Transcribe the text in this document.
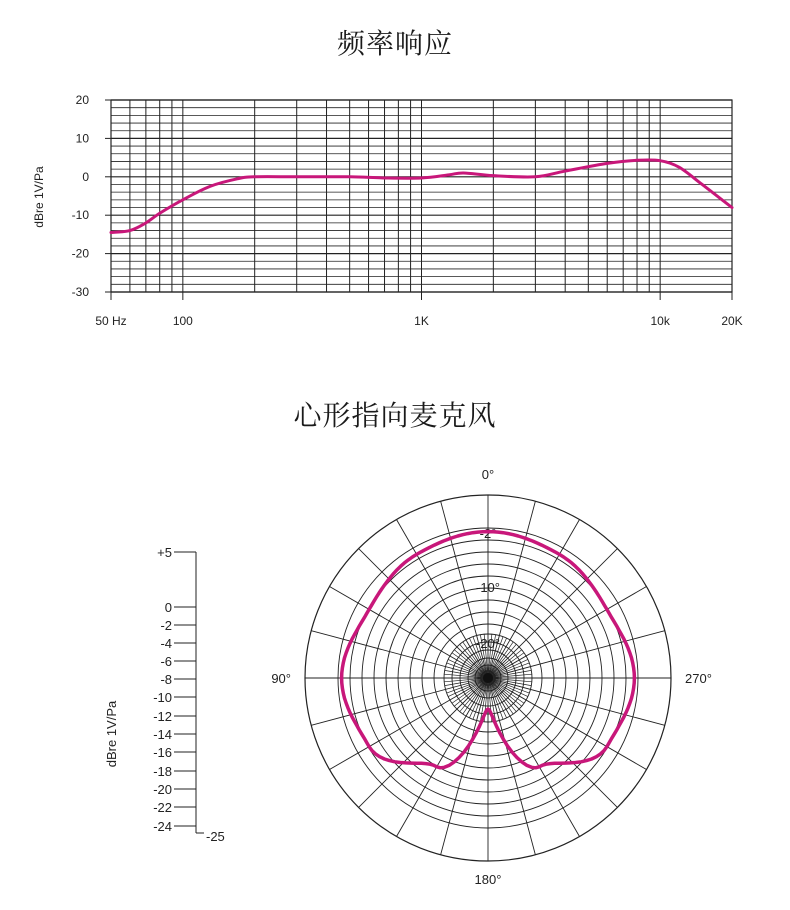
频率响应
心形指向麦克风
20
10
0
-10
-20
-30
50 Hz	100	1K	10k	20K
dBre 1V/Pa
-2°
-10°
-20°
0°
90°
180°
270°
+5
0
-2
-4
-6
-8
-10
-12
-14
-16
-18
-20
-22
-24
-25
dBre 1V/Pa
